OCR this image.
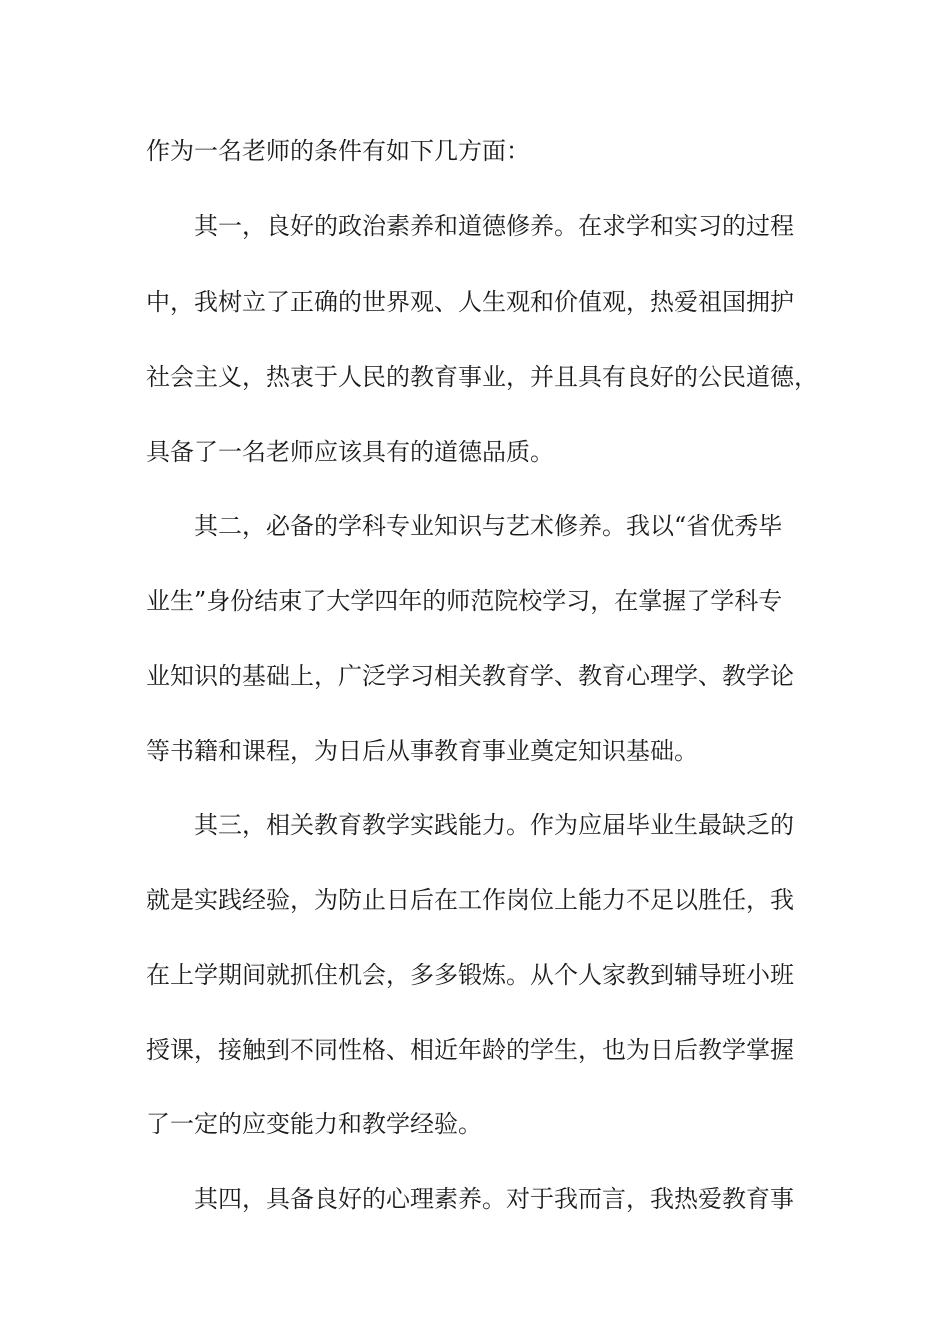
作为一名老师的条件有如下几方面：
其一，良好的政治素养和道德修养。在求学和实习的过程
中，我树立了正确的世界观、人生观和价值观，热爱祖国拥护
社会主义，热衷于人民的教育事业，并且具有良好的公民道德，
具备了一名老师应该具有的道德品质。
其二，必备的学科专业知识与艺术修养。我以“省优秀毕
业生”身份结束了大学四年的师范院校学习，在掌握了学科专
业知识的基础上，广泛学习相关教育学、教育心理学、教学论
等书籍和课程，为日后从事教育事业奠定知识基础。
其三，相关教育教学实践能力。作为应届毕业生最缺乏的
就是实践经验，为防止日后在工作岗位上能力不足以胜任，我
在上学期间就抓住机会，多多锻炼。从个人家教到辅导班小班
授课，接触到不同性格、相近年龄的学生，也为日后教学掌握
了一定的应变能力和教学经验。
其四，具备良好的心理素养。对于我而言，我热爱教育事
